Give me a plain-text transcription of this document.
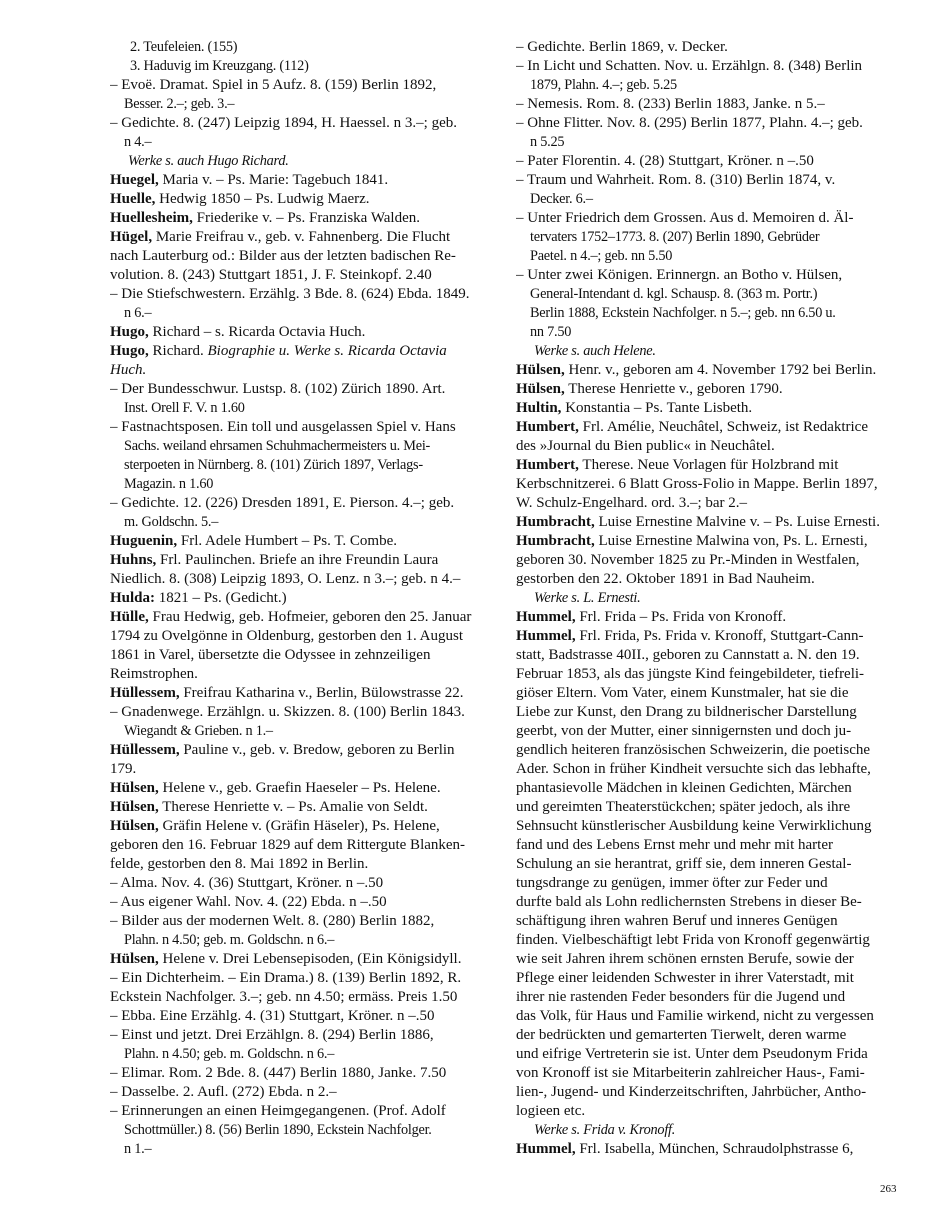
2. Teufeleien. (155)
3. Haduvig im Kreuzgang. (112)
– Evoë. Dramat. Spiel in 5 Aufz. 8. (159) Berlin 1892,
Besser. 2.–; geb. 3.–
– Gedichte. 8. (247) Leipzig 1894, H. Haessel. n 3.–; geb.
n 4.–
Werke s. auch Hugo Richard.
Huegel, Maria v. – Ps. Marie: Tagebuch 1841.
Huelle, Hedwig 1850 – Ps. Ludwig Maerz.
Huellesheim, Friederike v. – Ps. Franziska Walden.
Hügel, Marie Freifrau v., geb. v. Fahnenberg. Die Flucht
nach Lauterburg od.: Bilder aus der letzten badischen Re-
volution. 8. (243) Stuttgart 1851, J. F. Steinkopf. 2.40
– Die Stiefschwestern. Erzählg. 3 Bde. 8. (624) Ebda. 1849.
n 6.–
Hugo, Richard – s. Ricarda Octavia Huch.
Hugo, Richard. Biographie u. Werke s. Ricarda Octavia
Huch.
– Der Bundesschwur. Lustsp. 8. (102) Zürich 1890. Art.
Inst. Orell F. V. n 1.60
– Fastnachtsposen. Ein toll und ausgelassen Spiel v. Hans
Sachs. weiland ehrsamen Schuhmachermeisters u. Mei-
sterpoeten in Nürnberg. 8. (101) Zürich 1897, Verlags-
Magazin. n 1.60
– Gedichte. 12. (226) Dresden 1891, E. Pierson. 4.–; geb.
m. Goldschn. 5.–
Huguenin, Frl. Adele Humbert – Ps. T. Combe.
Huhns, Frl. Paulinchen. Briefe an ihre Freundin Laura
Niedlich. 8. (308) Leipzig 1893, O. Lenz. n 3.–; geb. n 4.–
Hulda: 1821 – Ps. (Gedicht.)
Hülle, Frau Hedwig, geb. Hofmeier, geboren den 25. Januar
1794 zu Ovelgönne in Oldenburg, gestorben den 1. August
1861 in Varel, übersetzte die Odyssee in zehnzeiligen
Reimstrophen.
Hüllessem, Freifrau Katharina v., Berlin, Bülowstrasse 22.
– Gnadenwege. Erzählgn. u. Skizzen. 8. (100) Berlin 1843.
Wiegandt & Grieben. n 1.–
Hüllessem, Pauline v., geb. v. Bredow, geboren zu Berlin
179.
Hülsen, Helene v., geb. Graefin Haeseler – Ps. Helene.
Hülsen, Therese Henriette v. – Ps. Amalie von Seldt.
Hülsen, Gräfin Helene v. (Gräfin Häseler), Ps. Helene,
geboren den 16. Februar 1829 auf dem Rittergute Blanken-
felde, gestorben den 8. Mai 1892 in Berlin.
– Alma. Nov. 4. (36) Stuttgart, Kröner. n –.50
– Aus eigener Wahl. Nov. 4. (22) Ebda. n –.50
– Bilder aus der modernen Welt. 8. (280) Berlin 1882,
Plahn. n 4.50; geb. m. Goldschn. n 6.–
Hülsen, Helene v. Drei Lebensepisoden, (Ein Königsidyll.
– Ein Dichterheim. – Ein Drama.) 8. (139) Berlin 1892, R.
Eckstein Nachfolger. 3.–; geb. nn 4.50; ermäss. Preis 1.50
– Ebba. Eine Erzählg. 4. (31) Stuttgart, Kröner. n –.50
– Einst und jetzt. Drei Erzählgn. 8. (294) Berlin 1886,
Plahn. n 4.50; geb. m. Goldschn. n 6.–
– Elimar. Rom. 2 Bde. 8. (447) Berlin 1880, Janke. 7.50
– Dasselbe. 2. Aufl. (272) Ebda. n 2.–
– Erinnerungen an einen Heimgegangenen. (Prof. Adolf
Schottmüller.) 8. (56) Berlin 1890, Eckstein Nachfolger.
n 1.–
– Gedichte. Berlin 1869, v. Decker.
– In Licht und Schatten. Nov. u. Erzählgn. 8. (348) Berlin
1879, Plahn. 4.–; geb. 5.25
– Nemesis. Rom. 8. (233) Berlin 1883, Janke. n 5.–
– Ohne Flitter. Nov. 8. (295) Berlin 1877, Plahn. 4.–; geb.
n 5.25
– Pater Florentin. 4. (28) Stuttgart, Kröner. n –.50
– Traum und Wahrheit. Rom. 8. (310) Berlin 1874, v.
Decker. 6.–
– Unter Friedrich dem Grossen. Aus d. Memoiren d. Äl-
tervaters 1752–1773. 8. (207) Berlin 1890, Gebrüder
Paetel. n 4.–; geb. nn 5.50
– Unter zwei Königen. Erinnergn. an Botho v. Hülsen,
General-Intendant d. kgl. Schausp. 8. (363 m. Portr.)
Berlin 1888, Eckstein Nachfolger. n 5.–; geb. nn 6.50 u.
nn 7.50
Werke s. auch Helene.
Hülsen, Henr. v., geboren am 4. November 1792 bei Berlin.
Hülsen, Therese Henriette v., geboren 1790.
Hultin, Konstantia – Ps. Tante Lisbeth.
Humbert, Frl. Amélie, Neuchâtel, Schweiz, ist Redaktrice
des »Journal du Bien public« in Neuchâtel.
Humbert, Therese. Neue Vorlagen für Holzbrand mit
Kerbschnitzerei. 6 Blatt Gross-Folio in Mappe. Berlin 1897,
W. Schulz-Engelhard. ord. 3.–; bar 2.–
Humbracht, Luise Ernestine Malvine v. – Ps. Luise Ernesti.
Humbracht, Luise Ernestine Malwina von, Ps. L. Ernesti,
geboren 30. November 1825 zu Pr.-Minden in Westfalen,
gestorben den 22. Oktober 1891 in Bad Nauheim.
Werke s. L. Ernesti.
Hummel, Frl. Frida – Ps. Frida von Kronoff.
Hummel, Frl. Frida, Ps. Frida v. Kronoff, Stuttgart-Cann-
statt, Badstrasse 40II., geboren zu Cannstatt a. N. den 19.
Februar 1853, als das jüngste Kind feingebildeter, tiefreli-
giöser Eltern. Vom Vater, einem Kunstmaler, hat sie die
Liebe zur Kunst, den Drang zu bildnerischer Darstellung
geerbt, von der Mutter, einer sinnigernsten und doch ju-
gendlich heiteren französischen Schweizerin, die poetische
Ader. Schon in früher Kindheit versuchte sich das lebhafte,
phantasievolle Mädchen in kleinen Gedichten, Märchen
und gereimten Theaterstückchen; später jedoch, als ihre
Sehnsucht künstlerischer Ausbildung keine Verwirklichung
fand und des Lebens Ernst mehr und mehr mit harter
Schulung an sie herantrat, griff sie, dem inneren Gestal-
tungsdrange zu genügen, immer öfter zur Feder und
durfte bald als Lohn redlichernsten Strebens in dieser Be-
schäftigung ihren wahren Beruf und inneres Genügen
finden. Vielbeschäftigt lebt Frida von Kronoff gegenwärtig
wie seit Jahren ihrem schönen ernsten Berufe, sowie der
Pflege einer leidenden Schwester in ihrer Vaterstadt, mit
ihrer nie rastenden Feder besonders für die Jugend und
das Volk, für Haus und Familie wirkend, nicht zu vergessen
der bedrückten und gemarterten Tierwelt, deren warme
und eifrige Vertreterin sie ist. Unter dem Pseudonym Frida
von Kronoff ist sie Mitarbeiterin zahlreicher Haus-, Fami-
lien-, Jugend- und Kinderzeitschriften, Jahrbücher, Antho-
logieen etc.
Werke s. Frida v. Kronoff.
Hummel, Frl. Isabella, München, Schraudolphstrasse 6,
263
